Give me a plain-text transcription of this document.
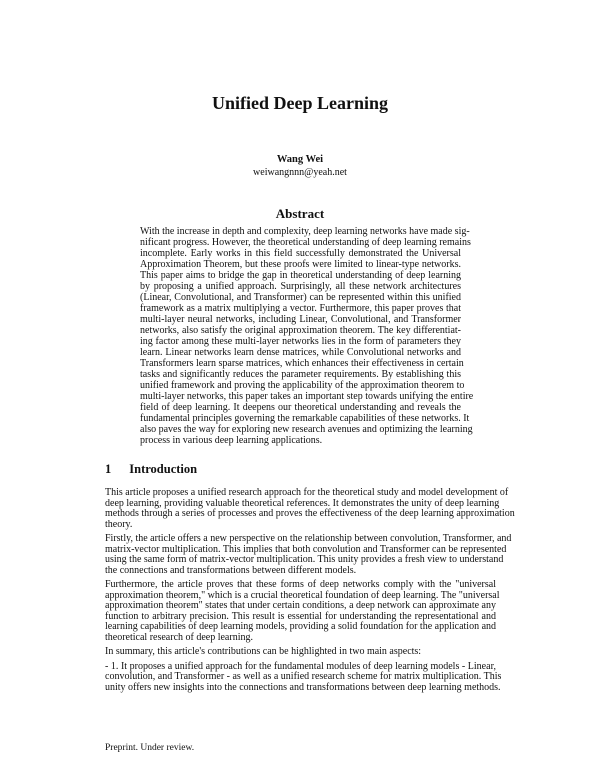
Unified Deep Learning
Wang Wei
weiwangnnn@yeah.net
Abstract
With the increase in depth and complexity, deep learning networks have made sig-
nificant progress. However, the theoretical understanding of deep learning remains
incomplete. Early works in this field successfully demonstrated the Universal
Approximation Theorem, but these proofs were limited to linear-type networks.
This paper aims to bridge the gap in theoretical understanding of deep learning
by proposing a unified approach. Surprisingly, all these network architectures
(Linear, Convolutional, and Transformer) can be represented within this unified
framework as a matrix multiplying a vector. Furthermore, this paper proves that
multi-layer neural networks, including Linear, Convolutional, and Transformer
networks, also satisfy the original approximation theorem. The key differentiat-
ing factor among these multi-layer networks lies in the form of parameters they
learn. Linear networks learn dense matrices, while Convolutional networks and
Transformers learn sparse matrices, which enhances their effectiveness in certain
tasks and significantly reduces the parameter requirements. By establishing this
unified framework and proving the applicability of the approximation theorem to
multi-layer networks, this paper takes an important step towards unifying the entire
field of deep learning. It deepens our theoretical understanding and reveals the
fundamental principles governing the remarkable capabilities of these networks. It
also paves the way for exploring new research avenues and optimizing the learning
process in various deep learning applications.
1 Introduction
This article proposes a unified research approach for the theoretical study and model development of
deep learning, providing valuable theoretical references. It demonstrates the unity of deep learning
methods through a series of processes and proves the effectiveness of the deep learning approximation
theory.
Firstly, the article offers a new perspective on the relationship between convolution, Transformer, and
matrix-vector multiplication. This implies that both convolution and Transformer can be represented
using the same form of matrix-vector multiplication. This unity provides a fresh view to understand
the connections and transformations between different models.
Furthermore, the article proves that these forms of deep networks comply with the "universal
approximation theorem," which is a crucial theoretical foundation of deep learning. The "universal
approximation theorem" states that under certain conditions, a deep network can approximate any
function to arbitrary precision. This result is essential for understanding the representational and
learning capabilities of deep learning models, providing a solid foundation for the application and
theoretical research of deep learning.
In summary, this article's contributions can be highlighted in two main aspects:
- 1. It proposes a unified approach for the fundamental modules of deep learning models - Linear,
convolution, and Transformer - as well as a unified research scheme for matrix multiplication. This
unity offers new insights into the connections and transformations between deep learning methods.
Preprint. Under review.
